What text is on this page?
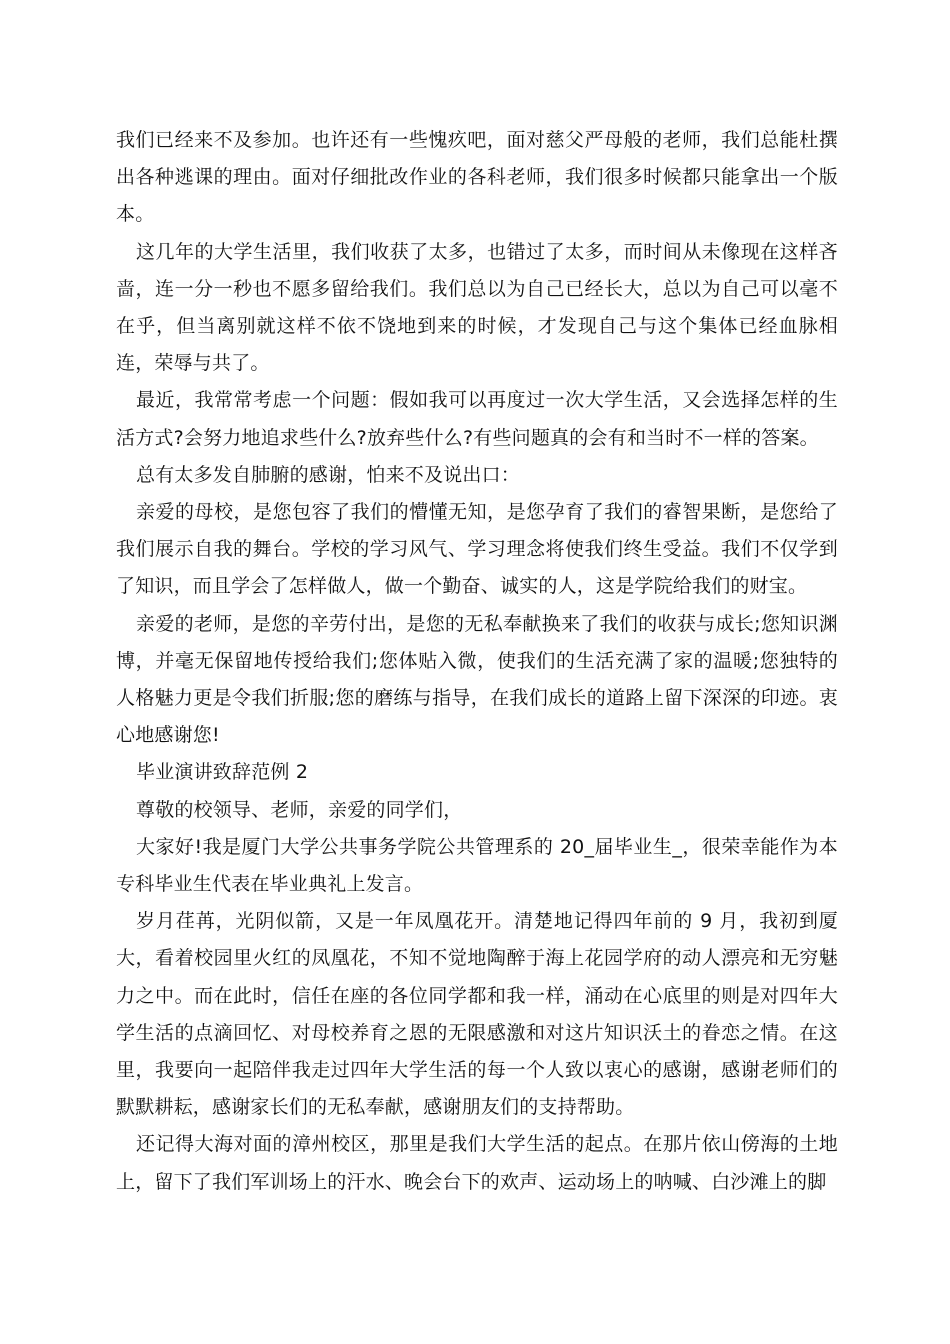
我们已经来不及参加。也许还有一些愧疚吧，面对慈父严母般的老师，我们总能杜撰出各种逃课的理由。面对仔细批改作业的各科老师，我们很多时候都只能拿出一个版本。

这几年的大学生活里，我们收获了太多，也错过了太多，而时间从未像现在这样吝啬，连一分一秒也不愿多留给我们。我们总以为自己已经长大，总以为自己可以毫不在乎，但当离别就这样不依不饶地到来的时候，才发现自己与这个集体已经血脉相连，荣辱与共了。

最近，我常常考虑一个问题：假如我可以再度过一次大学生活，又会选择怎样的生活方式?会努力地追求些什么?放弃些什么?有些问题真的会有和当时不一样的答案。

总有太多发自肺腑的感谢，怕来不及说出口：

亲爱的母校，是您包容了我们的懵懂无知，是您孕育了我们的睿智果断，是您给了我们展示自我的舞台。学校的学习风气、学习理念将使我们终生受益。我们不仅学到了知识，而且学会了怎样做人，做一个勤奋、诚实的人，这是学院给我们的财宝。

亲爱的老师，是您的辛劳付出，是您的无私奉献换来了我们的收获与成长;您知识渊博，并毫无保留地传授给我们;您体贴入微，使我们的生活充满了家的温暖;您独特的人格魅力更是令我们折服;您的磨练与指导，在我们成长的道路上留下深深的印迹。衷心地感谢您!

毕业演讲致辞范例 2

尊敬的校领导、老师，亲爱的同学们，

大家好!我是厦门大学公共事务学院公共管理系的 20_届毕业生_，很荣幸能作为本专科毕业生代表在毕业典礼上发言。

岁月荏苒，光阴似箭，又是一年凤凰花开。清楚地记得四年前的 9 月，我初到厦大，看着校园里火红的凤凰花，不知不觉地陶醉于海上花园学府的动人漂亮和无穷魅力之中。而在此时，信任在座的各位同学都和我一样，涌动在心底里的则是对四年大学生活的点滴回忆、对母校养育之恩的无限感激和对这片知识沃土的眷恋之情。在这里，我要向一起陪伴我走过四年大学生活的每一个人致以衷心的感谢，感谢老师们的默默耕耘，感谢家长们的无私奉献，感谢朋友们的支持帮助。

还记得大海对面的漳州校区，那里是我们大学生活的起点。在那片依山傍海的土地上，留下了我们军训场上的汗水、晚会台下的欢声、运动场上的呐喊、白沙滩上的脚
